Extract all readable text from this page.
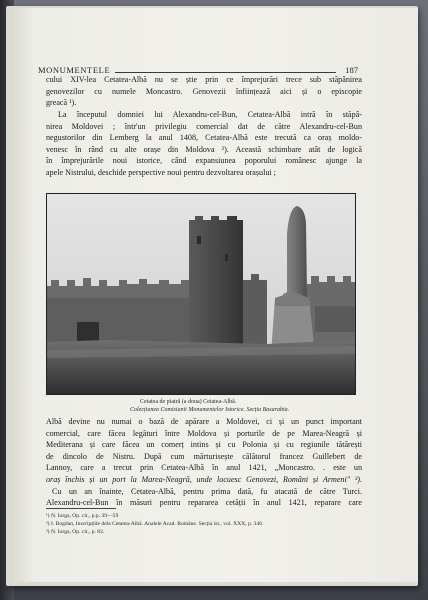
MONUMENTELE	187

cului XIV-lea Cetatea-Albă nu se știe prin ce împrejurări trece sub stăpânirea
genovezilor cu numele Moncastro. Genovezii înființează aici și o episcopie
greacă ¹).

La începutul domniei lui Alexandru-cel-Bun, Cetatea-Albă intră în stăpâ-
nirea Moldovei ; într'un privilegiu comercial dat de către Alexandru-cel-Bun
negustorilor din Lemberg la anul 1408, Cetatea-Albă este trecută ca oraș moldo-
venesc în rând cu alte orașe din Moldova ²). Această schimbare atât de logică
în împrejurările noui istorice, când expansiunea poporului românesc ajunge la
apele Nistrului, deschide perspective noui pentru dezvoltarea orașului ;

Cetatea de piatră (a doua) Cetatea-Albă.
Colecțiunea Comisiunii Monumentelor Istorice. Secția Basarabia.

Albă devine nu numai o bază de apărare a Moldovei, ci și un punct important
comercial, care făcea legături între Moldova și porturile de pe Marea-Neagră și
Mediterana și care făcea un comerț intins și cu Polonia și cu regiunile tătărești
de dincolo de Nistru. După cum mărturisește călătorul francez Guillebert de
Lannoy, care a trecut prin Cetatea-Albă în anul 1421, „Moncastro. . este un
oraș închis și un port la Marea-Neagră, unde locuesc Genovezi, Români și Armeni" ³).
Cu un an înainte, Cetatea-Albă, pentru prima dată, fu atacată de către Turci.
Alexandru-cel-Bun în măsuri pentru repararea cetății în anul 1421, reparare care

¹) N. Iorga, Op. cit., p.p. 39—59
²) I. Bogdan, Inscripțiile dela Cetatea-Albă. Analele Acad. Române. Secția ist., vol. XXX, p. 346.
³) N. Iorga, Op. cit., p. 82.
